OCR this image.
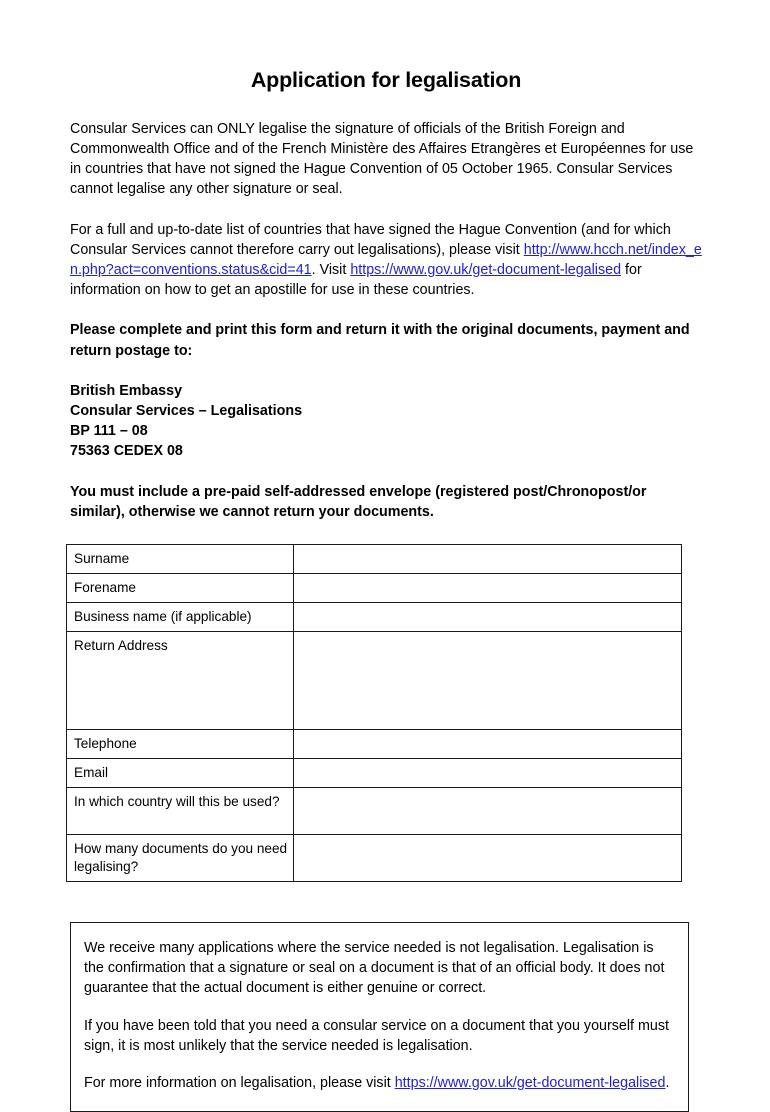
Application for legalisation

Consular Services can ONLY legalise the signature of officials of the British Foreign and Commonwealth Office and of the French Ministère des Affaires Etrangères et Européennes for use in countries that have not signed the Hague Convention of 05 October 1965. Consular Services cannot legalise any other signature or seal.

For a full and up-to-date list of countries that have signed the Hague Convention (and for which Consular Services cannot therefore carry out legalisations), please visit http://www.hcch.net/index_en.php?act=conventions.status&cid=41. Visit https://www.gov.uk/get-document-legalised for information on how to get an apostille for use in these countries.

Please complete and print this form and return it with the original documents, payment and return postage to:

British Embassy
Consular Services – Legalisations
BP 111 – 08
75363 CEDEX 08

You must include a pre-paid self-addressed envelope (registered post/Chronopost/or similar), otherwise we cannot return your documents.

Surname	
Forename	
Business name (if applicable)	
Return Address	
Telephone	
Email	
In which country will this be used?	
How many documents do you need legalising?	

We receive many applications where the service needed is not legalisation. Legalisation is the confirmation that a signature or seal on a document is that of an official body. It does not guarantee that the actual document is either genuine or correct.

If you have been told that you need a consular service on a document that you yourself must sign, it is most unlikely that the service needed is legalisation.

For more information on legalisation, please visit https://www.gov.uk/get-document-legalised.
